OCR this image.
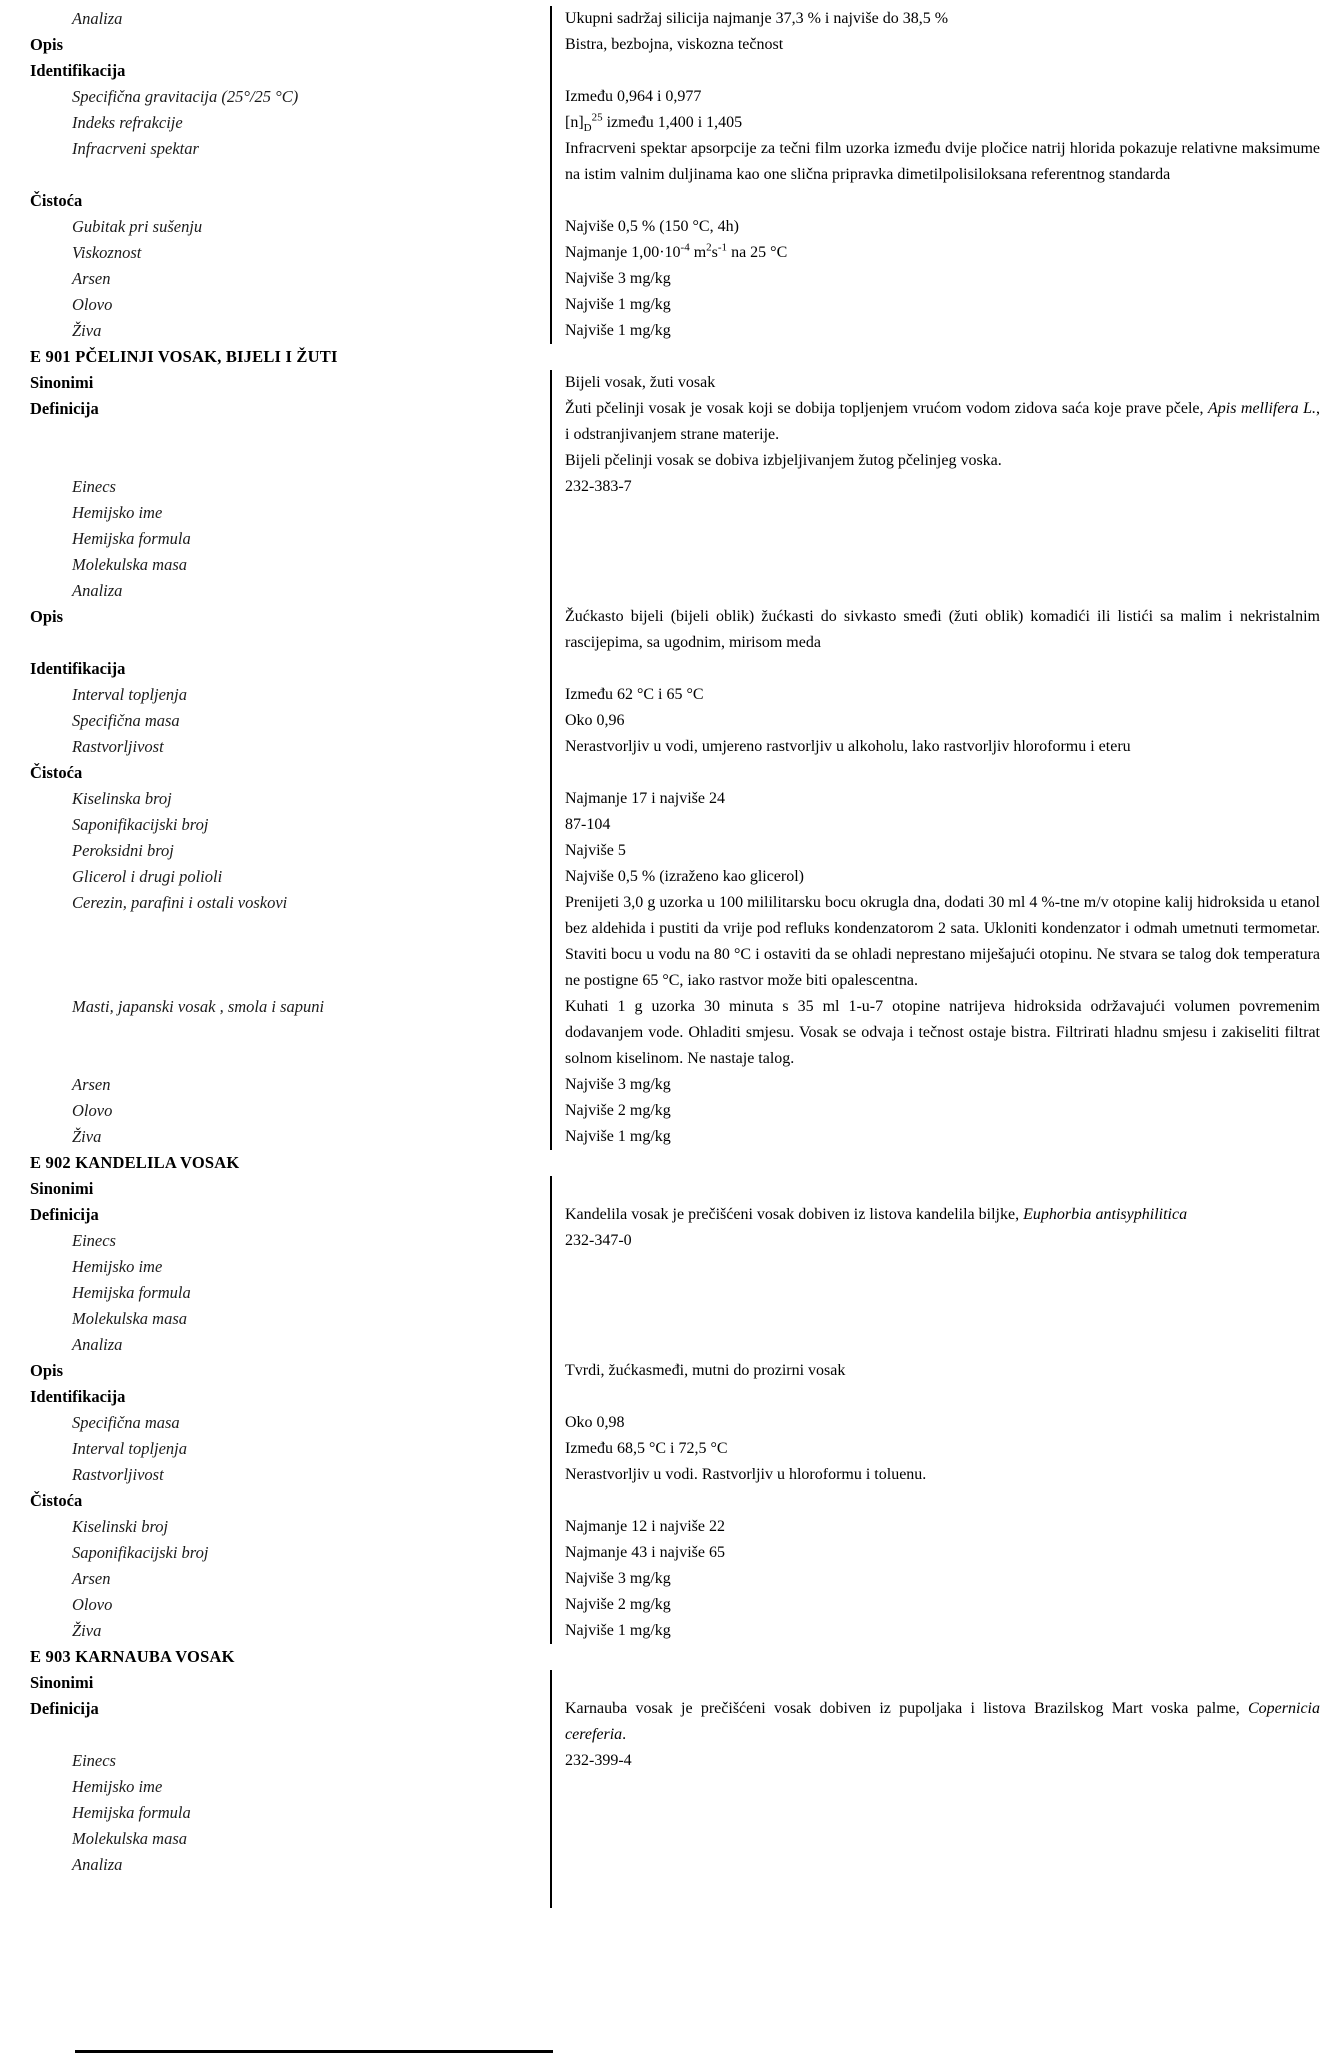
Analiza	Ukupni sadržaj silicija najmanje 37,3 % i najviše do 38,5 %
Opis	Bistra, bezbojna, viskozna tečnost
Identifikacija
Specifična gravitacija (25°/25 °C)	Između 0,964 i 0,977
Indeks refrakcije	$[n]_D^{25}$ između 1,400 i 1,405
Infracrveni spektar	Infracrveni spektar apsorpcije za tečni film uzorka između dvije pločice natrij hlorida pokazuje relativne maksimume na istim valnim duljinama kao one slična pripravka dimetilpolisiloksana referentnog standarda
Čistoća
Gubitak pri sušenju	Najviše 0,5 % (150 °C, 4h)
Viskoznost	Najmanje $1,00\cdot 10^{-4}$ $m^2s^{-1}$ na 25 °C
Arsen	Najviše 3 mg/kg
Olovo	Najviše 1 mg/kg
Živa	Najviše 1 mg/kg
E 901 PČELINJI VOSAK, BIJELI I ŽUTI
Sinonimi	Bijeli vosak, žuti vosak
Definicija	Žuti pčelinji vosak je vosak koji se dobija topljenjem vrućom vodom zidova saća koje prave pčele, Apis mellifera L., i odstranjivanjem strane materije.
Bijeli pčelinji vosak se dobiva izbjeljivanjem žutog pčelinjeg voska.
Einecs	232-383-7
Hemijsko ime
Hemijska formula
Molekulska masa
Analiza
Opis	Žućkasto bijeli (bijeli oblik) žućkasti do sivkasto smeđi (žuti oblik) komadići ili listići sa malim i nekristalnim rascijepima, sa ugodnim, mirisom meda
Identifikacija
Interval topljenja	Između 62 °C i 65 °C
Specifična masa	Oko 0,96
Rastvorljivost	Nerastvorljiv u vodi, umjereno rastvorljiv u alkoholu, lako rastvorljiv hloroformu i eteru
Čistoća
Kiselinska broj	Najmanje 17 i najviše 24
Saponifikacijski broj	87-104
Peroksidni broj	Najviše 5
Glicerol i drugi polioli	Najviše 0,5 % (izraženo kao glicerol)
Cerezin, parafini i ostali voskovi	Prenijeti 3,0 g uzorka u 100 mililitarsku bocu okrugla dna, dodati 30 ml 4 %-tne m/v otopine kalij hidroksida u etanol bez aldehida i pustiti da vrije pod refluks kondenzatorom 2 sata. Ukloniti kondenzator i odmah umetnuti termometar. Staviti bocu u vodu na 80 °C i ostaviti da se ohladi neprestano miješajući otopinu. Ne stvara se talog dok temperatura ne postigne 65 °C, iako rastvor može biti opalescentna.
Masti, japanski vosak , smola i sapuni	Kuhati 1 g uzorka 30 minuta s 35 ml 1-u-7 otopine natrijeva hidroksida održavajući volumen povremenim dodavanjem vode. Ohladiti smjesu. Vosak se odvaja i tečnost ostaje bistra. Filtrirati hladnu smjesu i zakiseliti filtrat solnom kiselinom. Ne nastaje talog.
Arsen	Najviše 3 mg/kg
Olovo	Najviše 2 mg/kg
Živa	Najviše 1 mg/kg
E 902 KANDELILA VOSAK
Sinonimi
Definicija	Kandelila vosak je prečišćeni vosak dobiven iz listova kandelila biljke, Euphorbia antisyphilitica
Einecs	232-347-0
Hemijsko ime
Hemijska formula
Molekulska masa
Analiza
Opis	Tvrdi, žućkasmeđi, mutni do prozirni vosak
Identifikacija
Specifična masa	Oko 0,98
Interval topljenja	Između 68,5 °C i 72,5 °C
Rastvorljivost	Nerastvorljiv u vodi. Rastvorljiv u hloroformu i toluenu.
Čistoća
Kiselinski broj	Najmanje 12 i najviše 22
Saponifikacijski broj	Najmanje 43 i najviše 65
Arsen	Najviše 3 mg/kg
Olovo	Najviše 2 mg/kg
Živa	Najviše 1 mg/kg
E 903 KARNAUBA VOSAK
Sinonimi
Definicija	Karnauba vosak je prečišćeni vosak dobiven iz pupoljaka i listova Brazilskog Mart voska palme, Copernicia cereferia.
Einecs	232-399-4
Hemijsko ime
Hemijska formula
Molekulska masa
Analiza
